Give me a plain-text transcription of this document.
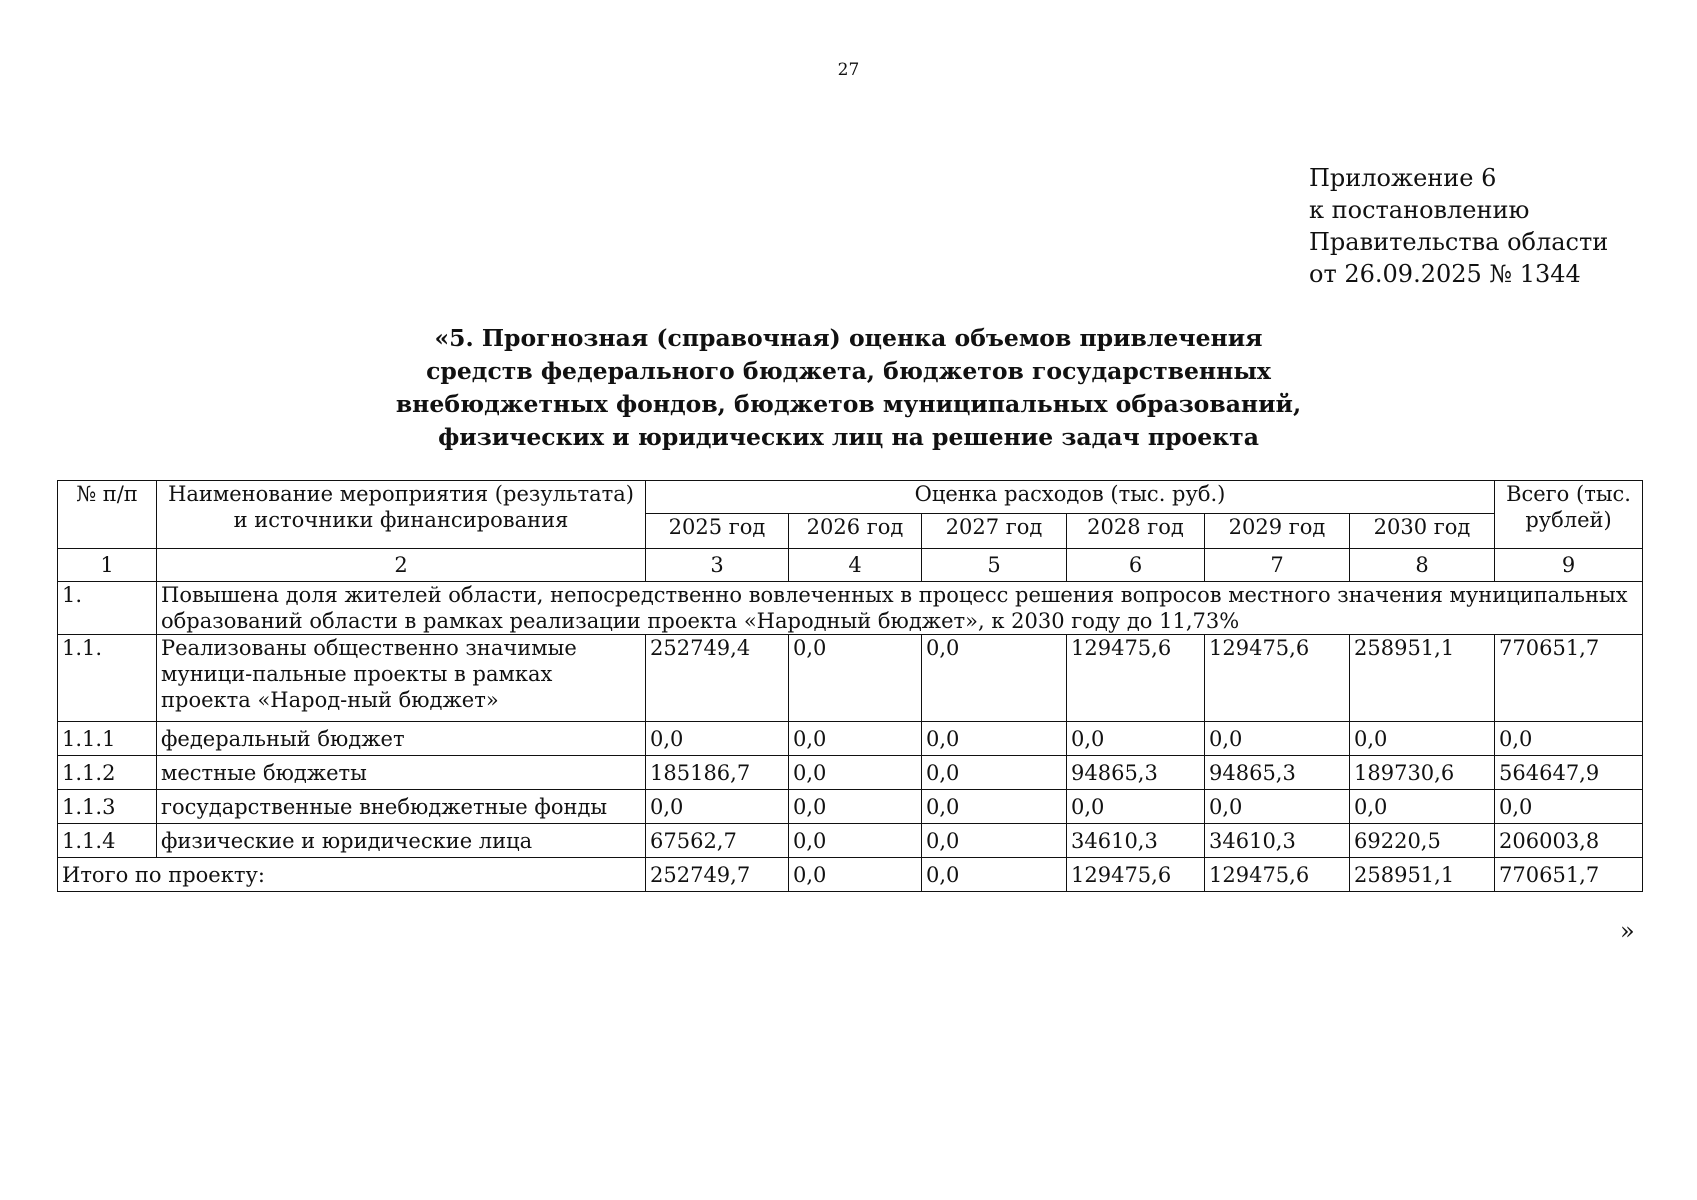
27
Приложение 6
к постановлению
Правительства области
от 26.09.2025 № 1344
«5. Прогнозная (справочная) оценка объемов привлечения
средств федерального бюджета, бюджетов государственных
внебюджетных фондов, бюджетов муниципальных образований,
физических и юридических лиц на решение задач проекта
№ п/п	Наименование мероприятия (результата) и источники финансирования	Оценка расходов (тыс. руб.)						Всего (тыс. рублей)
		2025 год	2026 год	2027 год	2028 год	2029 год	2030 год	
1	2	3	4	5	6	7	8	9
1.	Повышена доля жителей области, непосредственно вовлеченных в процесс решения вопросов местного значения муниципальных образований области в рамках реализации проекта «Народный бюджет», к 2030 году до 11,73%							
1.1.	Реализованы общественно значимые муници-пальные проекты в рамках проекта «Народ-ный бюджет»	252749,4	0,0	0,0	129475,6	129475,6	258951,1	770651,7
1.1.1	федеральный бюджет	0,0	0,0	0,0	0,0	0,0	0,0	0,0
1.1.2	местные бюджеты	185186,7	0,0	0,0	94865,3	94865,3	189730,6	564647,9
1.1.3	государственные внебюджетные фонды	0,0	0,0	0,0	0,0	0,0	0,0	0,0
1.1.4	физические и юридические лица	67562,7	0,0	0,0	34610,3	34610,3	69220,5	206003,8
Итого по проекту:		252749,7	0,0	0,0	129475,6	129475,6	258951,1	770651,7
»
